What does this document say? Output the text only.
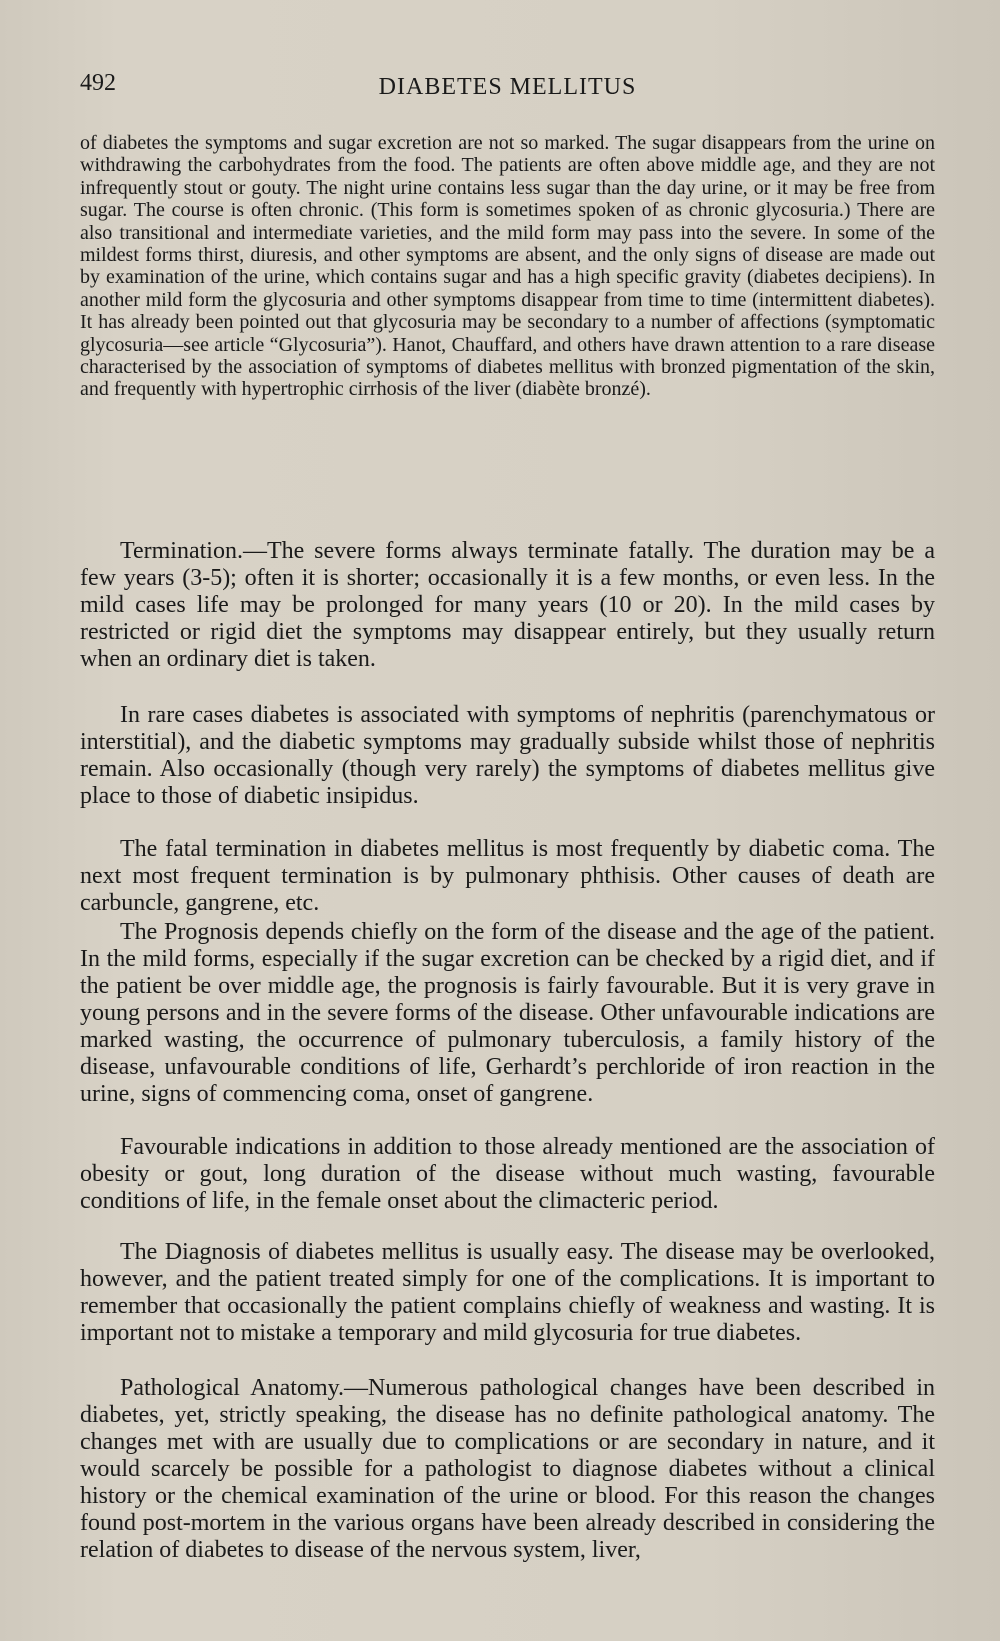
492	DIABETES MELLITUS

of diabetes the symptoms and sugar excretion are not so marked. The sugar disappears from the urine on withdrawing the carbohydrates from the food. The patients are often above middle age, and they are not infrequently stout or gouty. The night urine contains less sugar than the day urine, or it may be free from sugar. The course is often chronic. (This form is sometimes spoken of as chronic glycosuria.) There are also transitional and intermediate varieties, and the mild form may pass into the severe. In some of the mildest forms thirst, diuresis, and other symptoms are absent, and the only signs of disease are made out by examination of the urine, which contains sugar and has a high specific gravity (diabetes decipiens). In another mild form the glycosuria and other symptoms disappear from time to time (intermittent diabetes). It has already been pointed out that glycosuria may be secondary to a number of affections (symptomatic glycosuria—see article “Glycosuria”). Hanot, Chauffard, and others have drawn attention to a rare disease characterised by the association of symptoms of diabetes mellitus with bronzed pigmentation of the skin, and frequently with hypertrophic cirrhosis of the liver (diabète bronzé).

Termination.—The severe forms always terminate fatally. The duration may be a few years (3-5); often it is shorter; occasionally it is a few months, or even less. In the mild cases life may be prolonged for many years (10 or 20). In the mild cases by restricted or rigid diet the symptoms may disappear entirely, but they usually return when an ordinary diet is taken.

In rare cases diabetes is associated with symptoms of nephritis (parenchymatous or interstitial), and the diabetic symptoms may gradually subside whilst those of nephritis remain. Also occasionally (though very rarely) the symptoms of diabetes mellitus give place to those of diabetic insipidus.

The fatal termination in diabetes mellitus is most frequently by diabetic coma. The next most frequent termination is by pulmonary phthisis. Other causes of death are carbuncle, gangrene, etc.

The Prognosis depends chiefly on the form of the disease and the age of the patient. In the mild forms, especially if the sugar excretion can be checked by a rigid diet, and if the patient be over middle age, the prognosis is fairly favourable. But it is very grave in young persons and in the severe forms of the disease. Other unfavourable indications are marked wasting, the occurrence of pulmonary tuberculosis, a family history of the disease, unfavourable conditions of life, Gerhardt’s perchloride of iron reaction in the urine, signs of commencing coma, onset of gangrene.

Favourable indications in addition to those already mentioned are the association of obesity or gout, long duration of the disease without much wasting, favourable conditions of life, in the female onset about the climacteric period.

The Diagnosis of diabetes mellitus is usually easy. The disease may be overlooked, however, and the patient treated simply for one of the complications. It is important to remember that occasionally the patient complains chiefly of weakness and wasting. It is important not to mistake a temporary and mild glycosuria for true diabetes.

Pathological Anatomy.—Numerous pathological changes have been described in diabetes, yet, strictly speaking, the disease has no definite pathological anatomy. The changes met with are usually due to complications or are secondary in nature, and it would scarcely be possible for a pathologist to diagnose diabetes without a clinical history or the chemical examination of the urine or blood. For this reason the changes found post-mortem in the various organs have been already described in considering the relation of diabetes to disease of the nervous system, liver,
